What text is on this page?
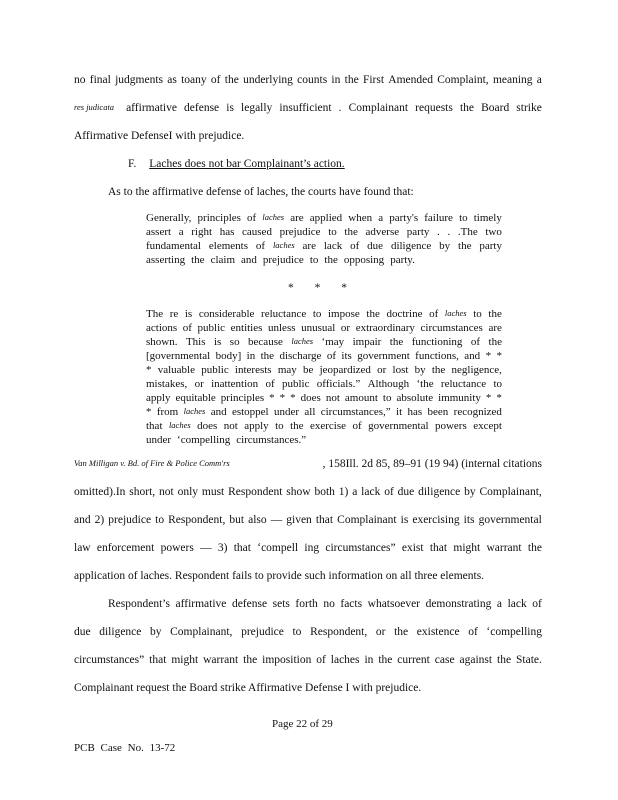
no final judgments as toany of the underlying counts in the First Amended Complaint, meaning a
res judicata affirmative defense is legally insufficient . Complainant requests the Board strike
Affirmative DefenseI with prejudice.
F. Laches does not bar Complainant’s action.
As to the affirmative defense of laches, the courts have found that:
Generally, principles of laches are applied when a party's failure to timely
assert a right has caused prejudice to the adverse party . . .The two
fundamental elements of laches are lack of due diligence by the party
asserting the claim and prejudice to the opposing party.
* * *
The re is considerable reluctance to impose the doctrine of laches to the
actions of public entities unless unusual or extraordinary circumstances are
shown. This is so because laches ‘may impair the functioning of the
[governmental body] in the discharge of its government functions, and * *
* valuable public interests may be jeopardized or lost by the negligence,
mistakes, or inattention of public officials.” Although ‘the reluctance to
apply equitable principles * * * does not amount to absolute immunity * *
* from laches and estoppel under all circumstances,” it has been recognized
that laches does not apply to the exercise of governmental powers except
under ‘compelling circumstances.”
Van Milligan v. Bd. of Fire & Police Comm'rs	, 158Ill. 2d 85, 89–91 (19 94) (internal citations
omitted).In short, not only must Respondent show both 1) a lack of due diligence by Complainant,
and 2) prejudice to Respondent, but also — given that Complainant is exercising its governmental
law enforcement powers — 3) that ‘compell ing circumstances” exist that might warrant the
application of laches. Respondent fails to provide such information on all three elements.
Respondent’s affirmative defense sets forth no facts whatsoever demonstrating a lack of
due diligence by Complainant, prejudice to Respondent, or the existence of ‘compelling
circumstances” that might warrant the imposition of laches in the current case against the State.
Complainant request the Board strike Affirmative Defense I with prejudice.
Page 22 of 29
PCB Case No. 13-72
